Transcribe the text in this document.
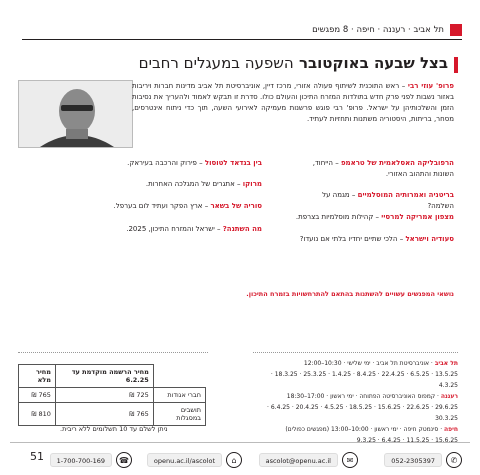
תל אביב · רעננה · חיפה · 8 מפגשים
בצל שבעה באוקטובר השפעה במעגלים רחבים
פרופ' עוזי רבי – ראש התוכנית לשיתוף פעולה אזורי, מרכז דיין, אוניברסיטת תל אביב מדינות חברות ויריבות באזור נשבות לפני פרק חדש בתולדות המזרח התיכון והעולם כולו. סדרת זו תבקש לאמוד ולהעריך את נסיבות הזמן והשלכותיהן על ישראל. פרופ' רבי פוגש פרשנות מעמיקה לאירועי השעה, תוך כדי ניתוח אינטרסים, מסחר, בריתות, היסטוריה משתנות ותחזיות לעתיד.
הרפובליקה האסלאמית של טראמפ – הייחוד, השונות והתהוב האזורי.
בריטניה ואמרותיה המוסלמיים – מגמה על השלמה?
מצפון אמריקה למרסיי – קהילות מוסלמיות בצרפת.
סעודיה וישראל – הלכי שתיים יחדיו בלתי אם נועדו?
בין בגדאד לטוסול – פירוק והרכבה בעיראק.
מרוקו – אתגרים של המגלכה האחרות.
סוריה של בשאר – ארץ הפקר ועתיד לום בערפל.
מה השתנה? – ישראל והמזרח התיכון, 2025.
נושאי המפגשים עשויים להשתנות בהתאם להתרחשויות בזמרח התיכון.
תל אביב · אוניברסיטת תל אביב · ימי שלישי · 10:30–12:00
13.5.25 · 6.5.25 · 22.4.25 · 8.4.25 · 1.4.25 · 25.3.25 · 18.3.25 · 4.3.25
רעננה · קמפוס האוניברסיטה הפתוחה · ימי ראשון · 17:00–18:30
29.6.25 · 22.6.25 · 15.6.25 · 18.5.25 · 4.5.25 · 20.4.25 · 6.4.25 · 30.3.25
חיפה · סינמטק חיפה · ימי ראשון · 10:00–13:00 (מפגשים כפולים)
15.6.25 · 11.5.25 · 6.4.25 · 9.3.25
	מחיר הרשמה מוקדמת עד 6.2.25	מחיר מלא
חברי אגודות	725 ₪	765 ₪
תושבים במסגלות	765 ₪	810 ₪
ניתן לשלם עד 10 תשלומים ללא ריבית.
✆
052-2305397
✉
ascolot@openu.ac.il
⌂
openu.ac.il/ascolot
☎
1-700-700-169
51
